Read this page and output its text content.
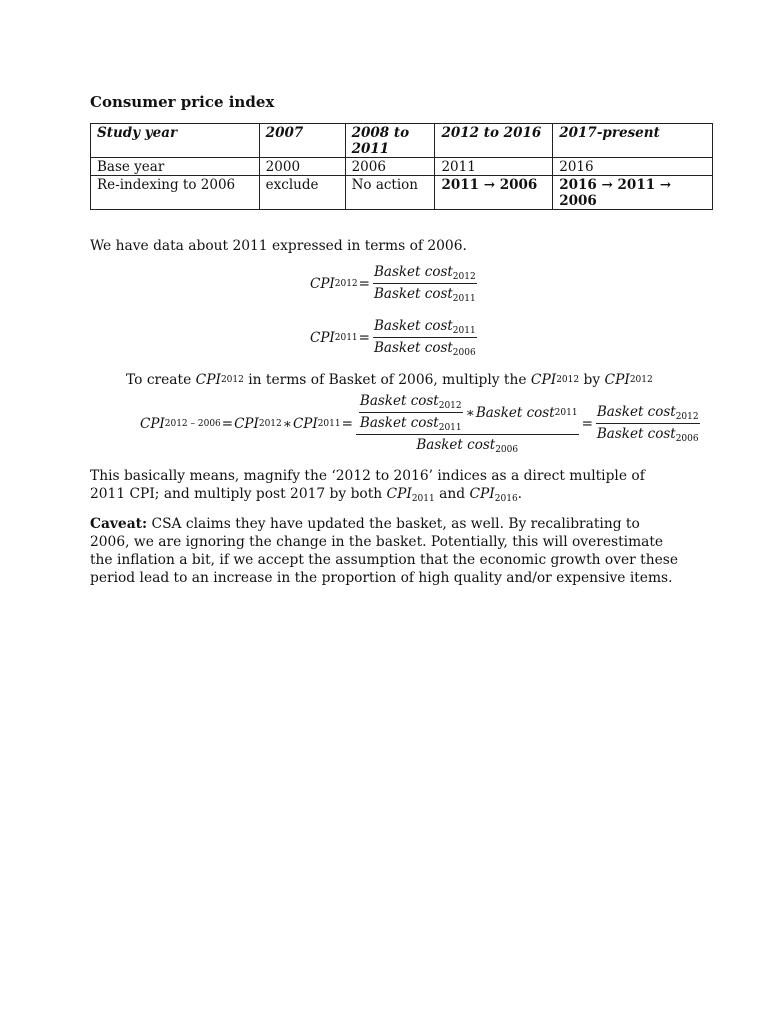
Consumer price index
Study year	2007	2008 to 2011	2012 to 2016	2017-present
Base year	2000	2006	2011	2016
Re-indexing to 2006	exclude	No action	2011 → 2006	2016 → 2011 → 2006
We have data about 2011 expressed in terms of 2006.
CPI $2012 = \frac{Basket \cos t_{2012}}{Basket \cos t_{2011}}$
CPI $2011 = \frac{Basket \cos t_{2011}}{Basket \cos t_{2006}}$
To create
CPI 2012
in terms of Basket of 2006, multiply the
CPI 2012
by
CPI 2012
CPI 2012 – 2006 = CPI 2012 ∗ CPI $2011 = \frac{Basket \cos t_{2012}}{Basket \cos t_{2011}}$ ∗ Basket cost 2011
Basket cost$_{2006}$
= $\frac{Basket \cos t_{2012}}{Basket \cos t_{2006}}$
This basically means, magnify the ‘2012 to 2016’ indices as a direct multiple of 2011 CPI; and multiply post 2017 by both $CPI_{2011}$ and $CPI_{2016}$.
Caveat: CSA claims they have updated the basket, as well. By recalibrating to 2006, we are ignoring the change in the basket. Potentially, this will overestimate the inflation a bit, if we accept the assumption that the economic growth over these period lead to an increase in the proportion of high quality and/or expensive items.
